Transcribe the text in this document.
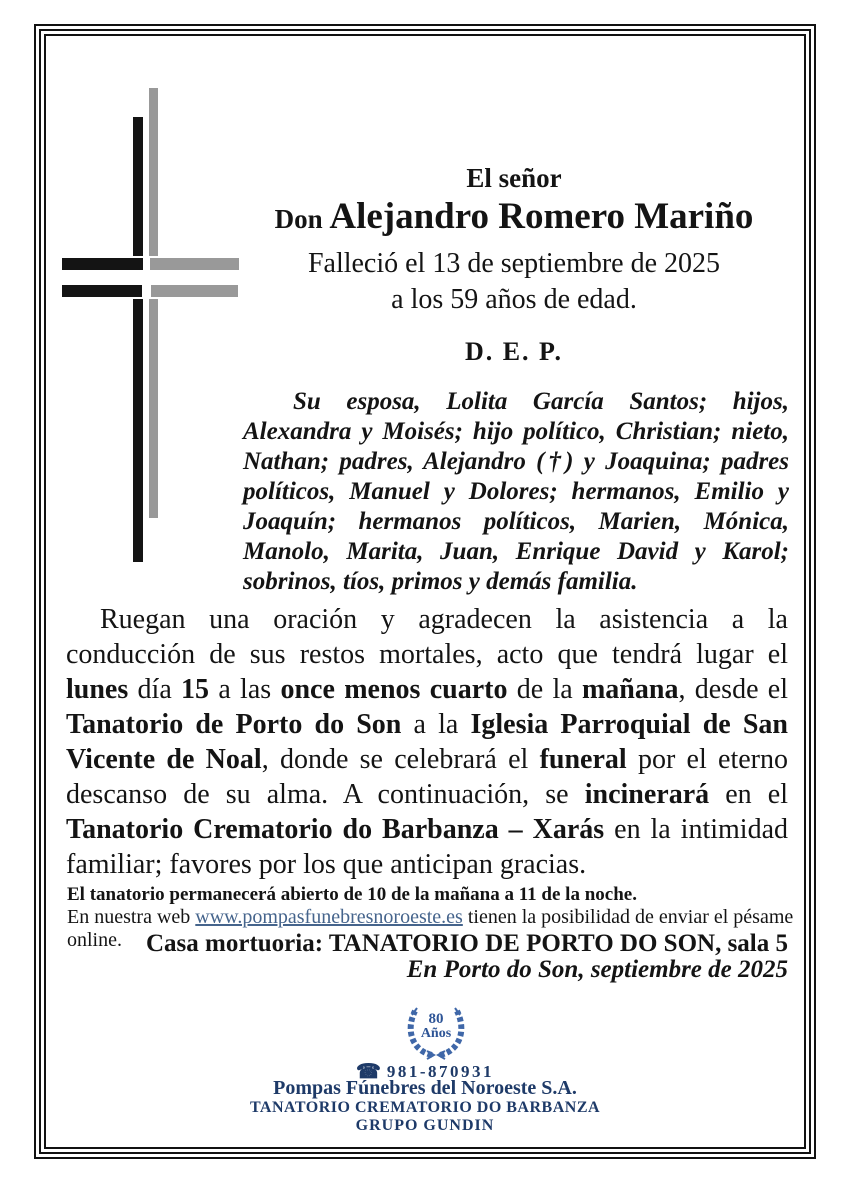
El señor
Don Alejandro Romero Mariño
Falleció el 13 de septiembre de 2025
a los 59 años de edad.
D. E. P.

Su esposa, Lolita García Santos; hijos, Alexandra y Moisés; hijo político, Christian; nieto, Nathan; padres, Alejandro (†) y Joaquina; padres políticos, Manuel y Dolores; hermanos, Emilio y Joaquín; hermanos políticos, Marien, Mónica, Manolo, Marita, Juan, Enrique David y Karol; sobrinos, tíos, primos y demás familia.

Ruegan una oración y agradecen la asistencia a la conducción de sus restos mortales, acto que tendrá lugar el lunes día 15 a las once menos cuarto de la mañana, desde el Tanatorio de Porto do Son a la Iglesia Parroquial de San Vicente de Noal, donde se celebrará el funeral por el eterno descanso de su alma. A continuación, se incinerará en el Tanatorio Crematorio do Barbanza – Xarás en la intimidad familiar; favores por los que anticipan gracias.

El tanatorio permanecerá abierto de 10 de la mañana a 11 de la noche.
En nuestra web www.pompasfunebresnoroeste.es tienen la posibilidad de enviar el pésame online. Casa mortuoria: TANATORIO DE PORTO DO SON, sala 5
En Porto do Son, septiembre de 2025
80
Años
☎ 981-870931
Pompas Fúnebres del Noroeste S.A.
TANATORIO CREMATORIO DO BARBANZA
GRUPO GUNDIN
